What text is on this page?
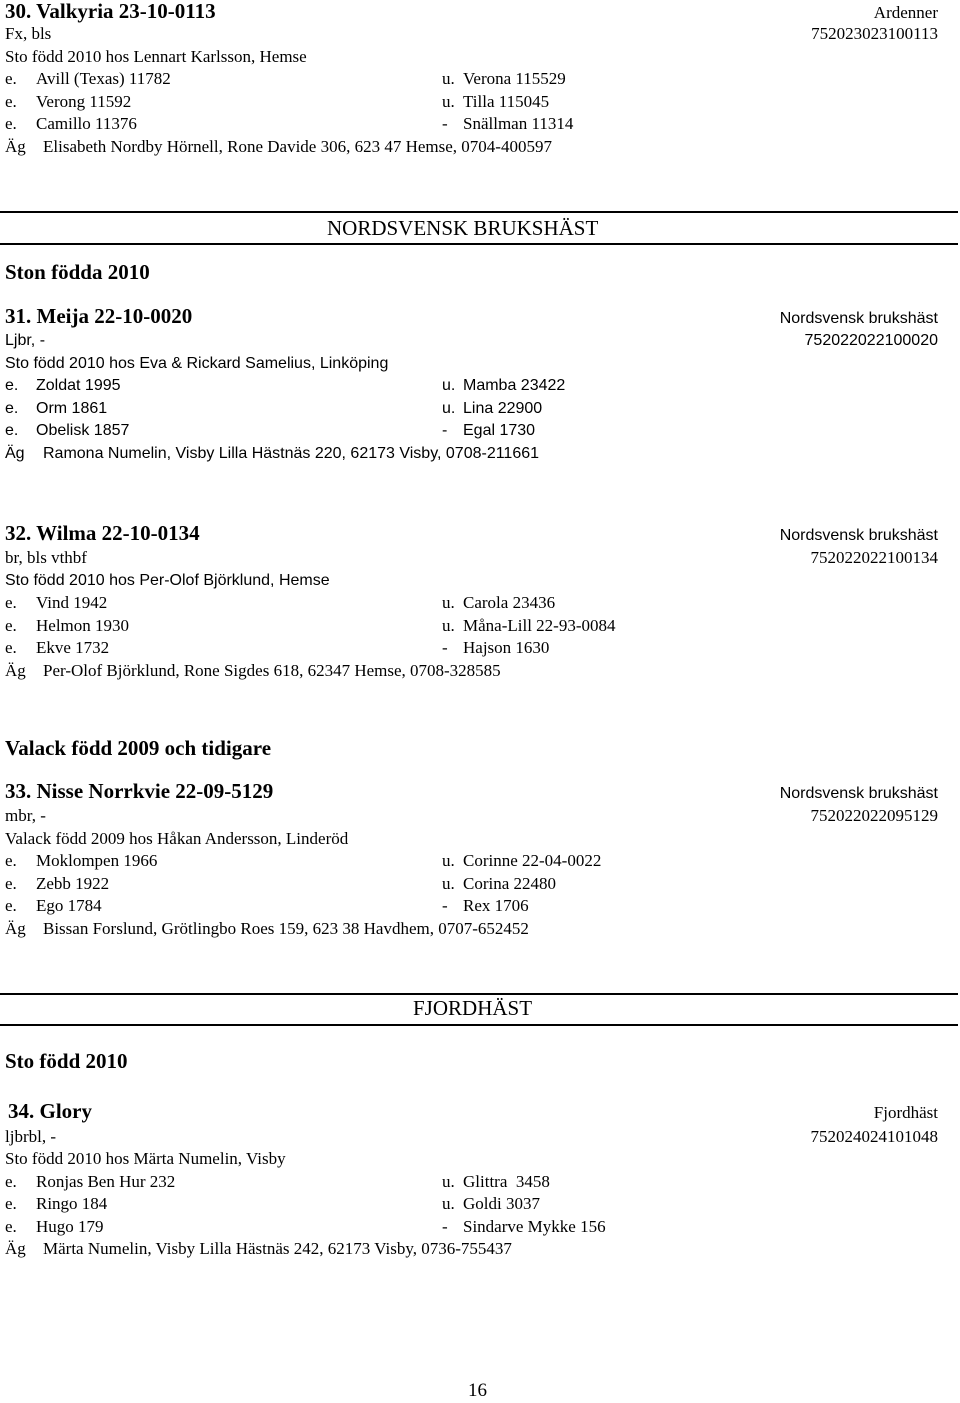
30. Valkyria 23-10-0113	Ardenner
Fx, bls	752023023100113
Sto född 2010 hos Lennart Karlsson, Hemse
e. Avill (Texas) 11782	u. Verona 115529
e. Verong 11592	u. Tilla 115045
e. Camillo 11376	- Snällman 11314
Äg Elisabeth Nordby Hörnell, Rone Davide 306, 623 47 Hemse, 0704-400597
NORDSVENSK BRUKSHÄST
Ston födda 2010
31. Meija 22-10-0020	Nordsvensk brukshäst
Ljbr, -	752022022100020
Sto född 2010 hos Eva & Rickard Samelius, Linköping
e. Zoldat 1995	u. Mamba 23422
e. Orm 1861	u. Lina 22900
e. Obelisk 1857	- Egal 1730
Äg Ramona Numelin, Visby Lilla Hästnäs 220, 62173 Visby, 0708-211661
32. Wilma 22-10-0134	Nordsvensk brukshäst
br, bls vthbf	752022022100134
Sto född 2010 hos Per-Olof Björklund, Hemse
e. Vind 1942	u. Carola 23436
e. Helmon 1930	u. Måna-Lill 22-93-0084
e. Ekve 1732	- Hajson 1630
Äg Per-Olof Björklund, Rone Sigdes 618, 62347 Hemse, 0708-328585
Valack född 2009 och tidigare
33. Nisse Norrkvie 22-09-5129	Nordsvensk brukshäst
mbr, -	752022022095129
Valack född 2009 hos Håkan Andersson, Linderöd
e. Moklompen 1966	u. Corinne 22-04-0022
e. Zebb 1922	u. Corina 22480
e. Ego 1784	- Rex 1706
Äg Bissan Forslund, Grötlingbo Roes 159, 623 38 Havdhem, 0707-652452
FJORDHÄST
Sto född 2010
34. Glory	Fjordhäst
ljbrbl, -	752024024101048
Sto född 2010 hos Märta Numelin, Visby
e. Ronjas Ben Hur 232	u. Glittra  3458
e. Ringo 184	u. Goldi 3037
e. Hugo 179	- Sindarve Mykke 156
Äg Märta Numelin, Visby Lilla Hästnäs 242, 62173 Visby, 0736-755437
16
